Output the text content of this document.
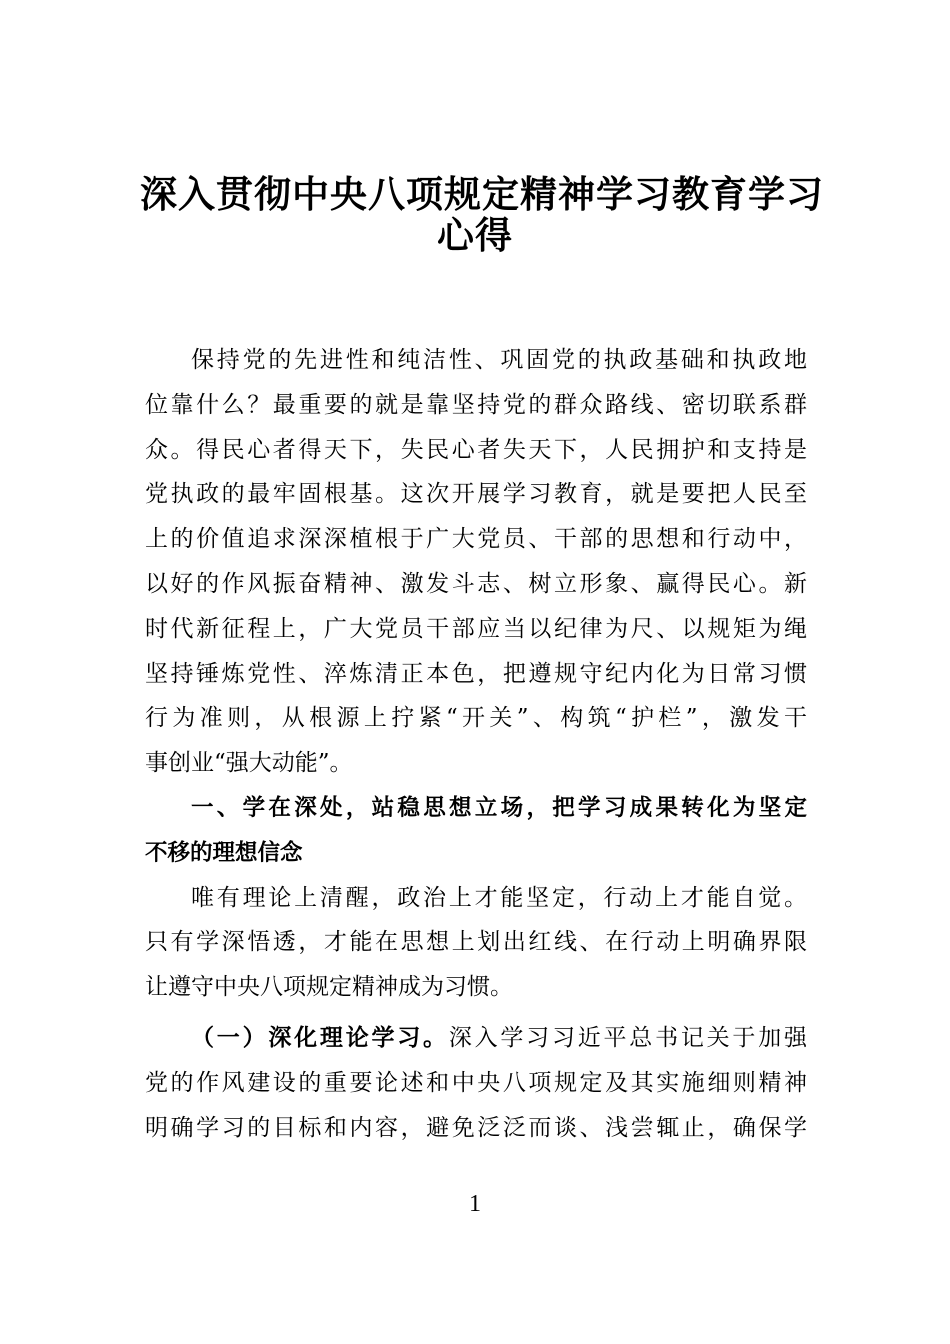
深入贯彻中央八项规定精神学习教育学习
心得
保持党的先进性和纯洁性、巩固党的执政基础和执政地
位靠什么？最重要的就是靠坚持党的群众路线、密切联系群
众。得民心者得天下，失民心者失天下，人民拥护和支持是
党执政的最牢固根基。这次开展学习教育，就是要把人民至
上的价值追求深深植根于广大党员、干部的思想和行动中，
以好的作风振奋精神、激发斗志、树立形象、赢得民心。新
时代新征程上，广大党员干部应当以纪律为尺、以规矩为绳
坚持锤炼党性、淬炼清正本色，把遵规守纪内化为日常习惯
行为准则，从根源上拧紧“开关”、构筑“护栏”，激发干
事创业“强大动能”。
一、学在深处，站稳思想立场，把学习成果转化为坚定
不移的理想信念
唯有理论上清醒，政治上才能坚定，行动上才能自觉。
只有学深悟透，才能在思想上划出红线、在行动上明确界限
让遵守中央八项规定精神成为习惯。
（一）深化理论学习。深入学习习近平总书记关于加强
党的作风建设的重要论述和中央八项规定及其实施细则精神
明确学习的目标和内容，避免泛泛而谈、浅尝辄止，确保学
1
